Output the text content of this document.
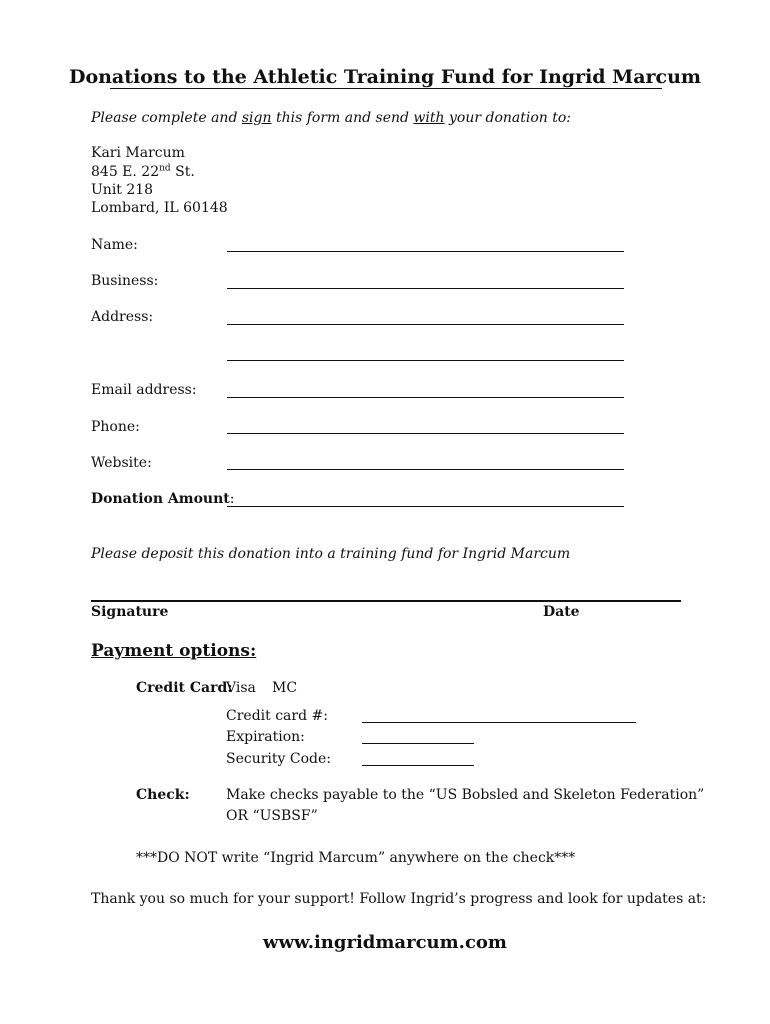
Donations to the Athletic Training Fund for Ingrid Marcum
Please complete and sign this form and send with your donation to:
Kari Marcum
845 E. 22nd St.
Unit 218
Lombard, IL 60148
Name:
Business:
Address:
Email address:
Phone:
Website:
Donation Amount:
Please deposit this donation into a training fund for Ingrid Marcum
Signature	Date
Payment options:
Credit Card:
Visa MC
Credit card #:
Expiration:
Security Code:
Check:	Make checks payable to the “US Bobsled and Skeleton Federation”
OR “USBSF”
***DO NOT write “Ingrid Marcum” anywhere on the check***
Thank you so much for your support! Follow Ingrid’s progress and look for updates at:
www.ingridmarcum.com
